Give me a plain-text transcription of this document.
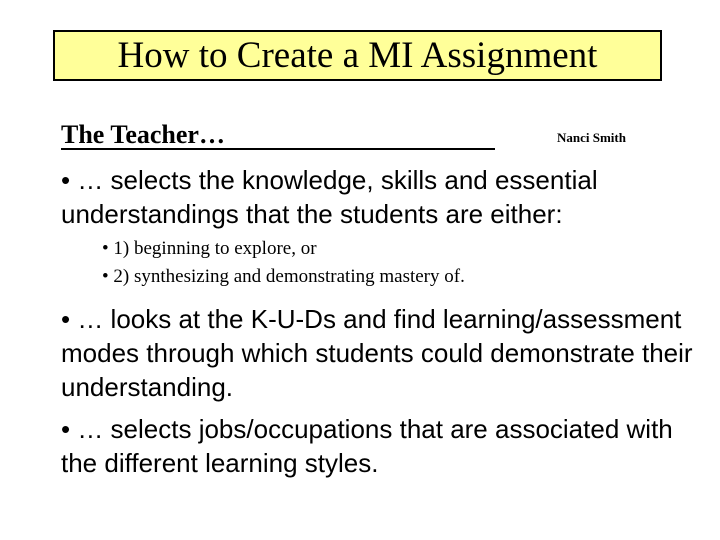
How to Create a MI Assignment
The Teacher…	Nanci Smith

• … selects the knowledge, skills and essential understandings that the students are either:

• 1) beginning to explore, or

• 2) synthesizing and demonstrating mastery of.

• … looks at the K-U-Ds and find learning/assessment modes through which students could demonstrate their understanding.

• … selects jobs/occupations that are associated with the different learning styles.
